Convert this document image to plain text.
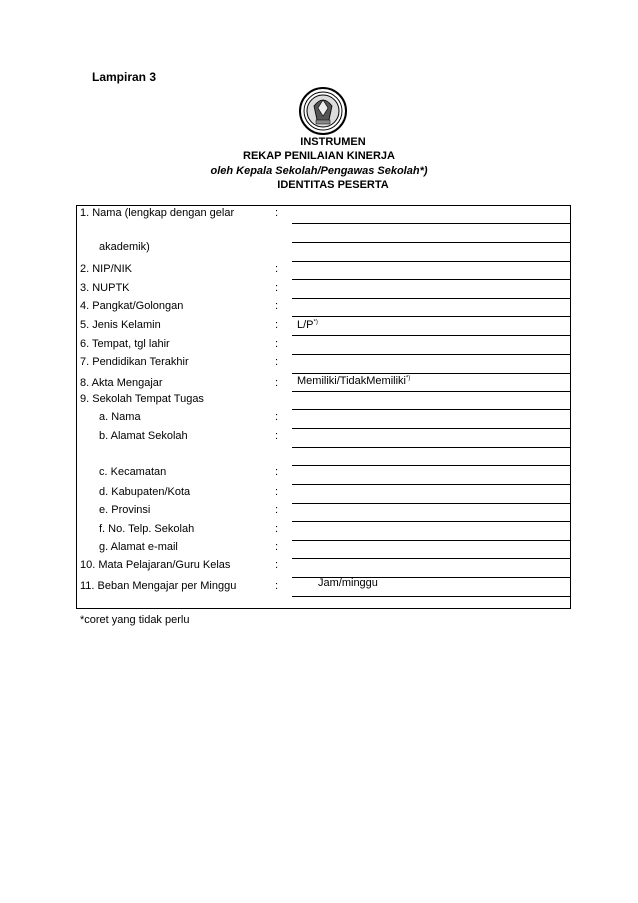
Lampiran 3
INSTRUMEN
REKAP PENILAIAN KINERJA
oleh Kepala Sekolah/Pengawas Sekolah*)
IDENTITAS PESERTA
1. Nama (lengkap dengan gelar
akademik)
2. NIP/NIK
3. NUPTK
4. Pangkat/Golongan
5. Jenis Kelamin
6. Tempat, tgl lahir
7. Pendidikan Terakhir
8. Akta Mengajar
9. Sekolah Tempat Tugas
a. Nama
b. Alamat Sekolah
c. Kecamatan
d. Kabupaten/Kota
e. Provinsi
f. No. Telp. Sekolah
g. Alamat e-mail
10. Mata Pelajaran/Guru Kelas
11. Beban Mengajar per Minggu
:
:
:
:
:
:
:
:
:
:
:
:
:
:
:
:
:
L/P*)
Memiliki/TidakMemiliki*)
Jam/minggu
*coret yang tidak perlu
